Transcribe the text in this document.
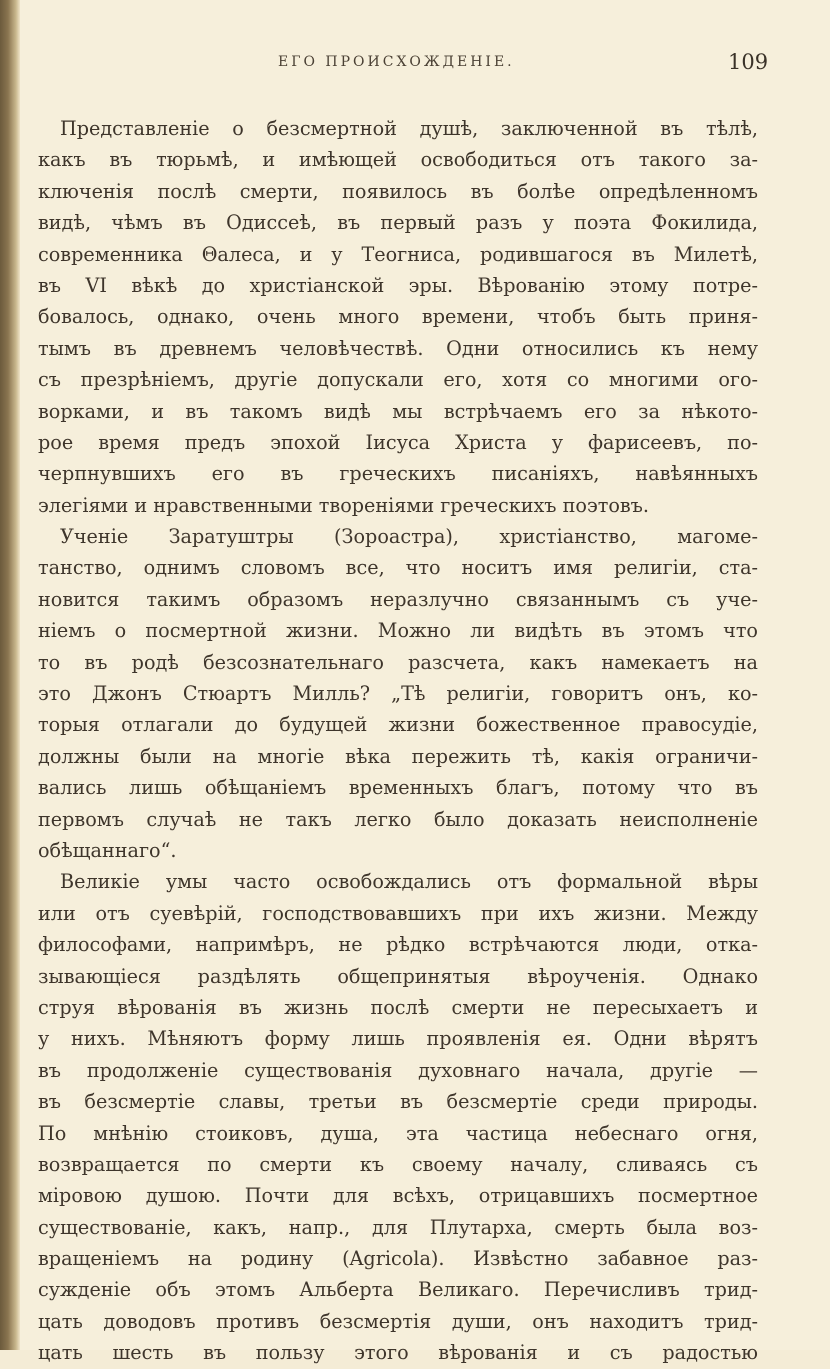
ЕГО ПРОИСХОЖДЕНІЕ.	109
Представленіе о безсмертной душѣ, заключенной въ тѣлѣ,
какъ въ тюрьмѣ, и имѣющей освободиться отъ такого за-
ключенія послѣ смерти, появилось въ болѣе опредѣленномъ
видѣ, чѣмъ въ Одиссеѣ, въ первый разъ у поэта Фокилида,
современника Θалеса, и у Теогниса, родившагося въ Милетѣ,
въ VI вѣкѣ до христіанской эры. Вѣрованію этому потре-
бовалось, однако, очень много времени, чтобъ быть приня-
тымъ въ древнемъ человѣчествѣ. Одни относились къ нему
съ презрѣніемъ, другіе допускали его, хотя со многими ого-
ворками, и въ такомъ видѣ мы встрѣчаемъ его за нѣкото-
рое время предъ эпохой Іисуса Христа у фарисеевъ, по-
черпнувшихъ его въ греческихъ писаніяхъ, навѣянныхъ
элегіями и нравственными твореніями греческихъ поэтовъ.
Ученіе Заратуштры (Зороастра), христіанство, магоме-
танство, однимъ словомъ все, что носитъ имя религіи, ста-
новится такимъ образомъ неразлучно связаннымъ съ уче-
ніемъ о посмертной жизни. Можно ли видѣть въ этомъ что
то въ родѣ безсознательнаго разсчета, какъ намекаетъ на
это Джонъ Стюартъ Милль? „Тѣ религіи, говоритъ онъ, ко-
торыя отлагали до будущей жизни божественное правосудіе,
должны были на многіе вѣка пережить тѣ, какія ограничи-
вались лишь обѣщаніемъ временныхъ благъ, потому что въ
первомъ случаѣ не такъ легко было доказать неисполненіе
обѣщаннаго“.
Великіе умы часто освобождались отъ формальной вѣры
или отъ суевѣрій, господствовавшихъ при ихъ жизни. Между
философами, напримѣръ, не рѣдко встрѣчаются люди, отка-
зывающіеся раздѣлять общепринятыя вѣроученія. Однако
струя вѣрованія въ жизнь послѣ смерти не пересыхаетъ и
у нихъ. Мѣняютъ форму лишь проявленія ея. Одни вѣрятъ
въ продолженіе существованія духовнаго начала, другіе —
въ безсмертіе славы, третьи въ безсмертіе среди природы.
По мнѣнію стоиковъ, душа, эта частица небеснаго огня,
возвращается по смерти къ своему началу, сливаясь съ
міровою душою. Почти для всѣхъ, отрицавшихъ посмертное
существованіе, какъ, напр., для Плутарха, смерть была воз-
вращеніемъ на родину (Agricola). Извѣстно забавное раз-
сужденіе объ этомъ Альберта Великаго. Перечисливъ трид-
цать доводовъ противъ безсмертія души, онъ находитъ трид-
цать шесть въ пользу этого вѣрованія и съ радостью
